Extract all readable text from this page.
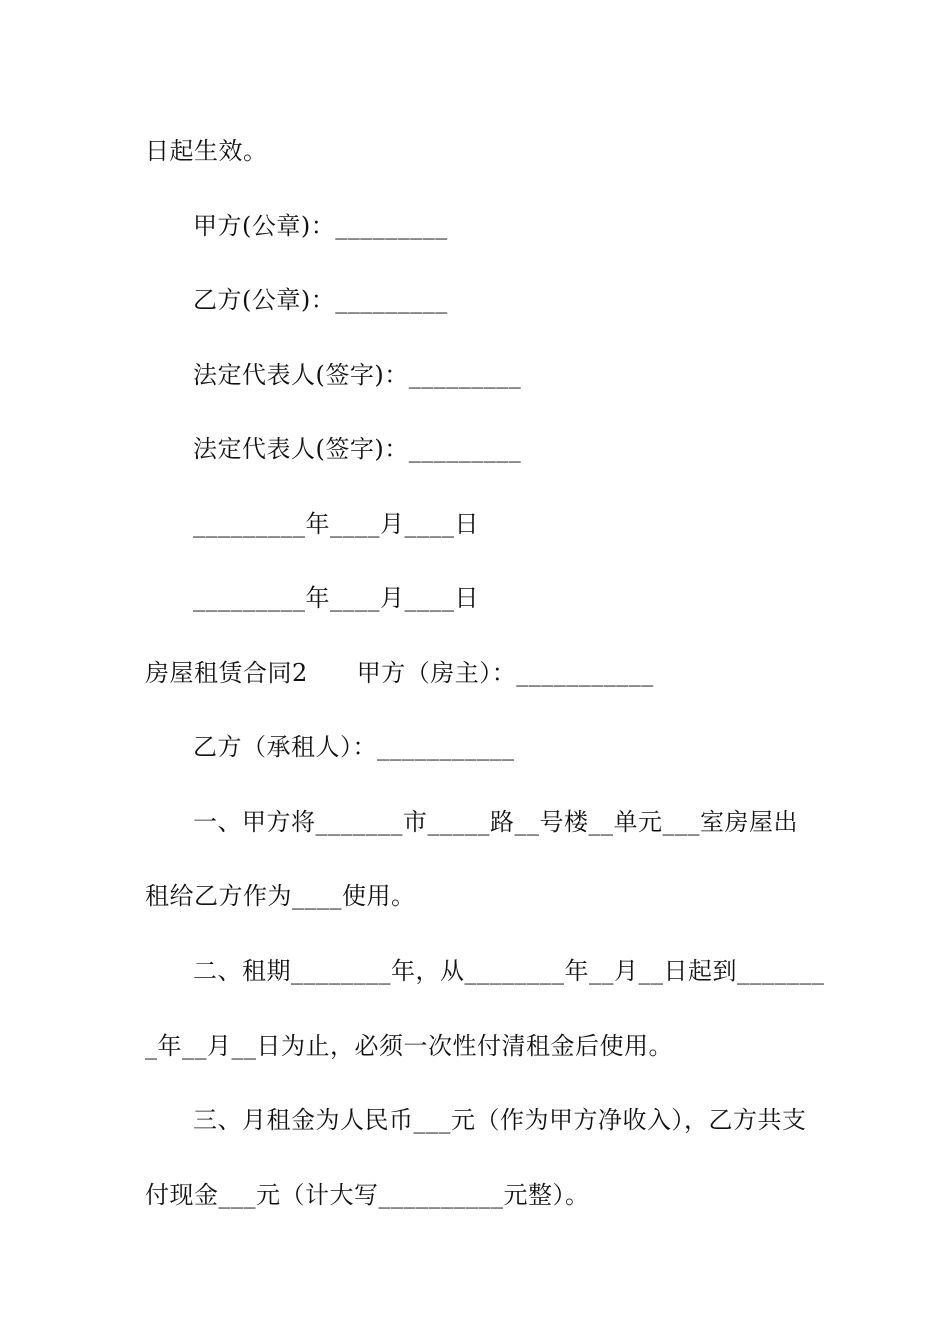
日起生效。

甲方(公章)：_________

乙方(公章)：_________

法定代表人(签字)：_________

法定代表人(签字)：_________

_________年____月____日

_________年____月____日

房屋租赁合同2　　甲方（房主）：___________

乙方（承租人）：___________

一、甲方将_______市_____路__号楼__单元___室房屋出

租给乙方作为____使用。

二、租期________年，从________年__月__日起到_______

_年__月__日为止，必须一次性付清租金后使用。

三、月租金为人民币___元（作为甲方净收入），乙方共支

付现金___元（计大写__________元整）。
